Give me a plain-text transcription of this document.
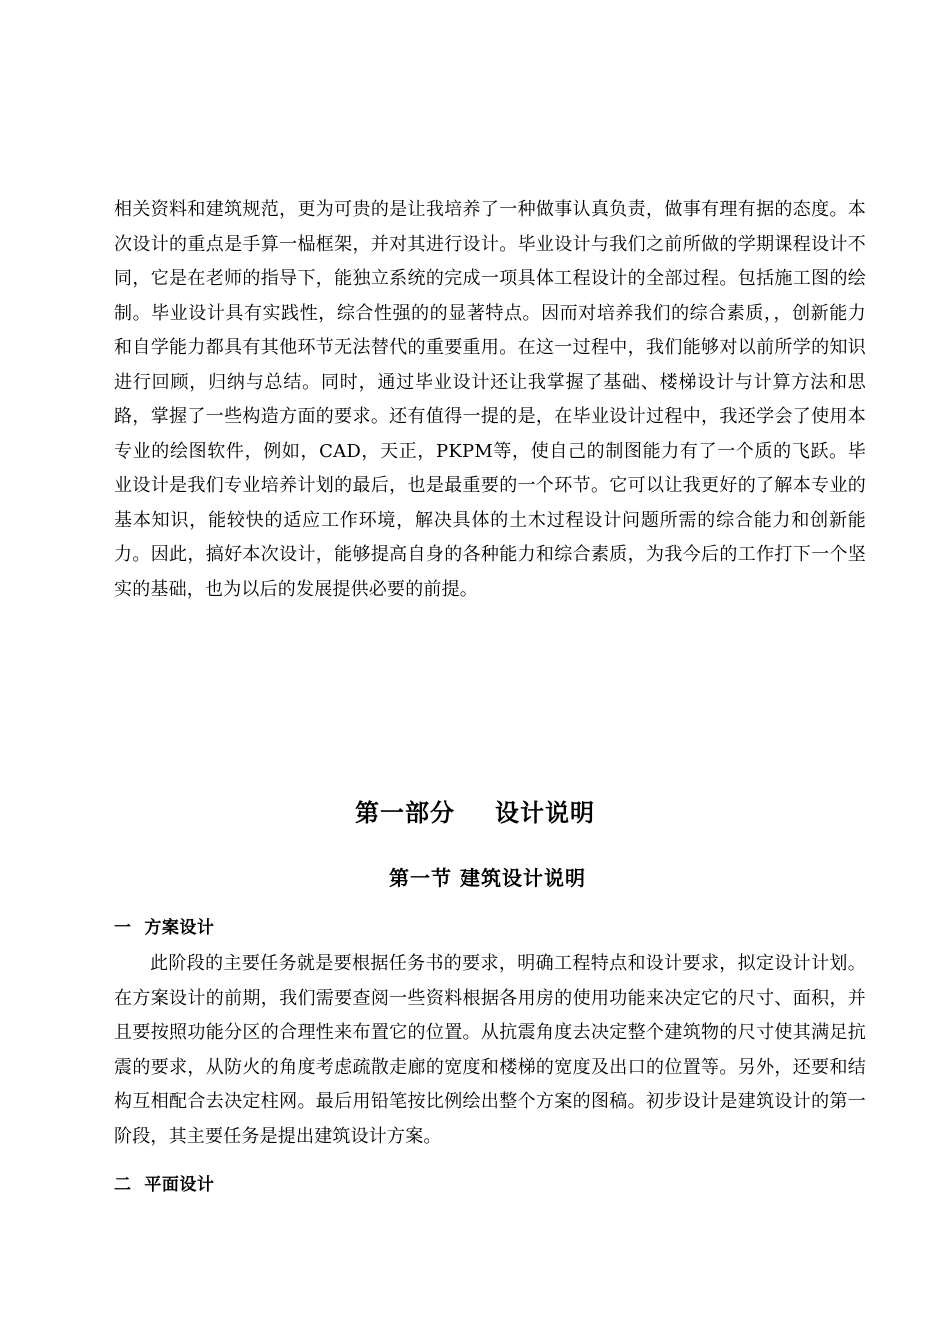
相关资料和建筑规范，更为可贵的是让我培养了一种做事认真负责，做事有理有据的态度。本次设计的重点是手算一榀框架，并对其进行设计。毕业设计与我们之前所做的学期课程设计不同，它是在老师的指导下，能独立系统的完成一项具体工程设计的全部过程。包括施工图的绘制。毕业设计具有实践性，综合性强的的显著特点。因而对培养我们的综合素质，，创新能力和自学能力都具有其他环节无法替代的重要重用。在这一过程中，我们能够对以前所学的知识进行回顾，归纳与总结。同时，通过毕业设计还让我掌握了基础、楼梯设计与计算方法和思路，掌握了一些构造方面的要求。还有值得一提的是，在毕业设计过程中，我还学会了使用本专业的绘图软件，例如，CAD，天正，PKPM等，使自己的制图能力有了一个质的飞跃。毕业设计是我们专业培养计划的最后，也是最重要的一个环节。它可以让我更好的了解本专业的基本知识，能较快的适应工作环境，解决具体的土木过程设计问题所需的综合能力和创新能力。因此，搞好本次设计，能够提高自身的各种能力和综合素质，为我今后的工作打下一个坚实的基础，也为以后的发展提供必要的前提。

第一部分 设计说明
第一节 建筑设计说明
一  方案设计

此阶段的主要任务就是要根据任务书的要求，明确工程特点和设计要求，拟定设计计划。在方案设计的前期，我们需要查阅一些资料根据各用房的使用功能来决定它的尺寸、面积，并且要按照功能分区的合理性来布置它的位置。从抗震角度去决定整个建筑物的尺寸使其满足抗震的要求，从防火的角度考虑疏散走廊的宽度和楼梯的宽度及出口的位置等。另外，还要和结构互相配合去决定柱网。最后用铅笔按比例绘出整个方案的图稿。初步设计是建筑设计的第一阶段，其主要任务是提出建筑设计方案。

二  平面设计
